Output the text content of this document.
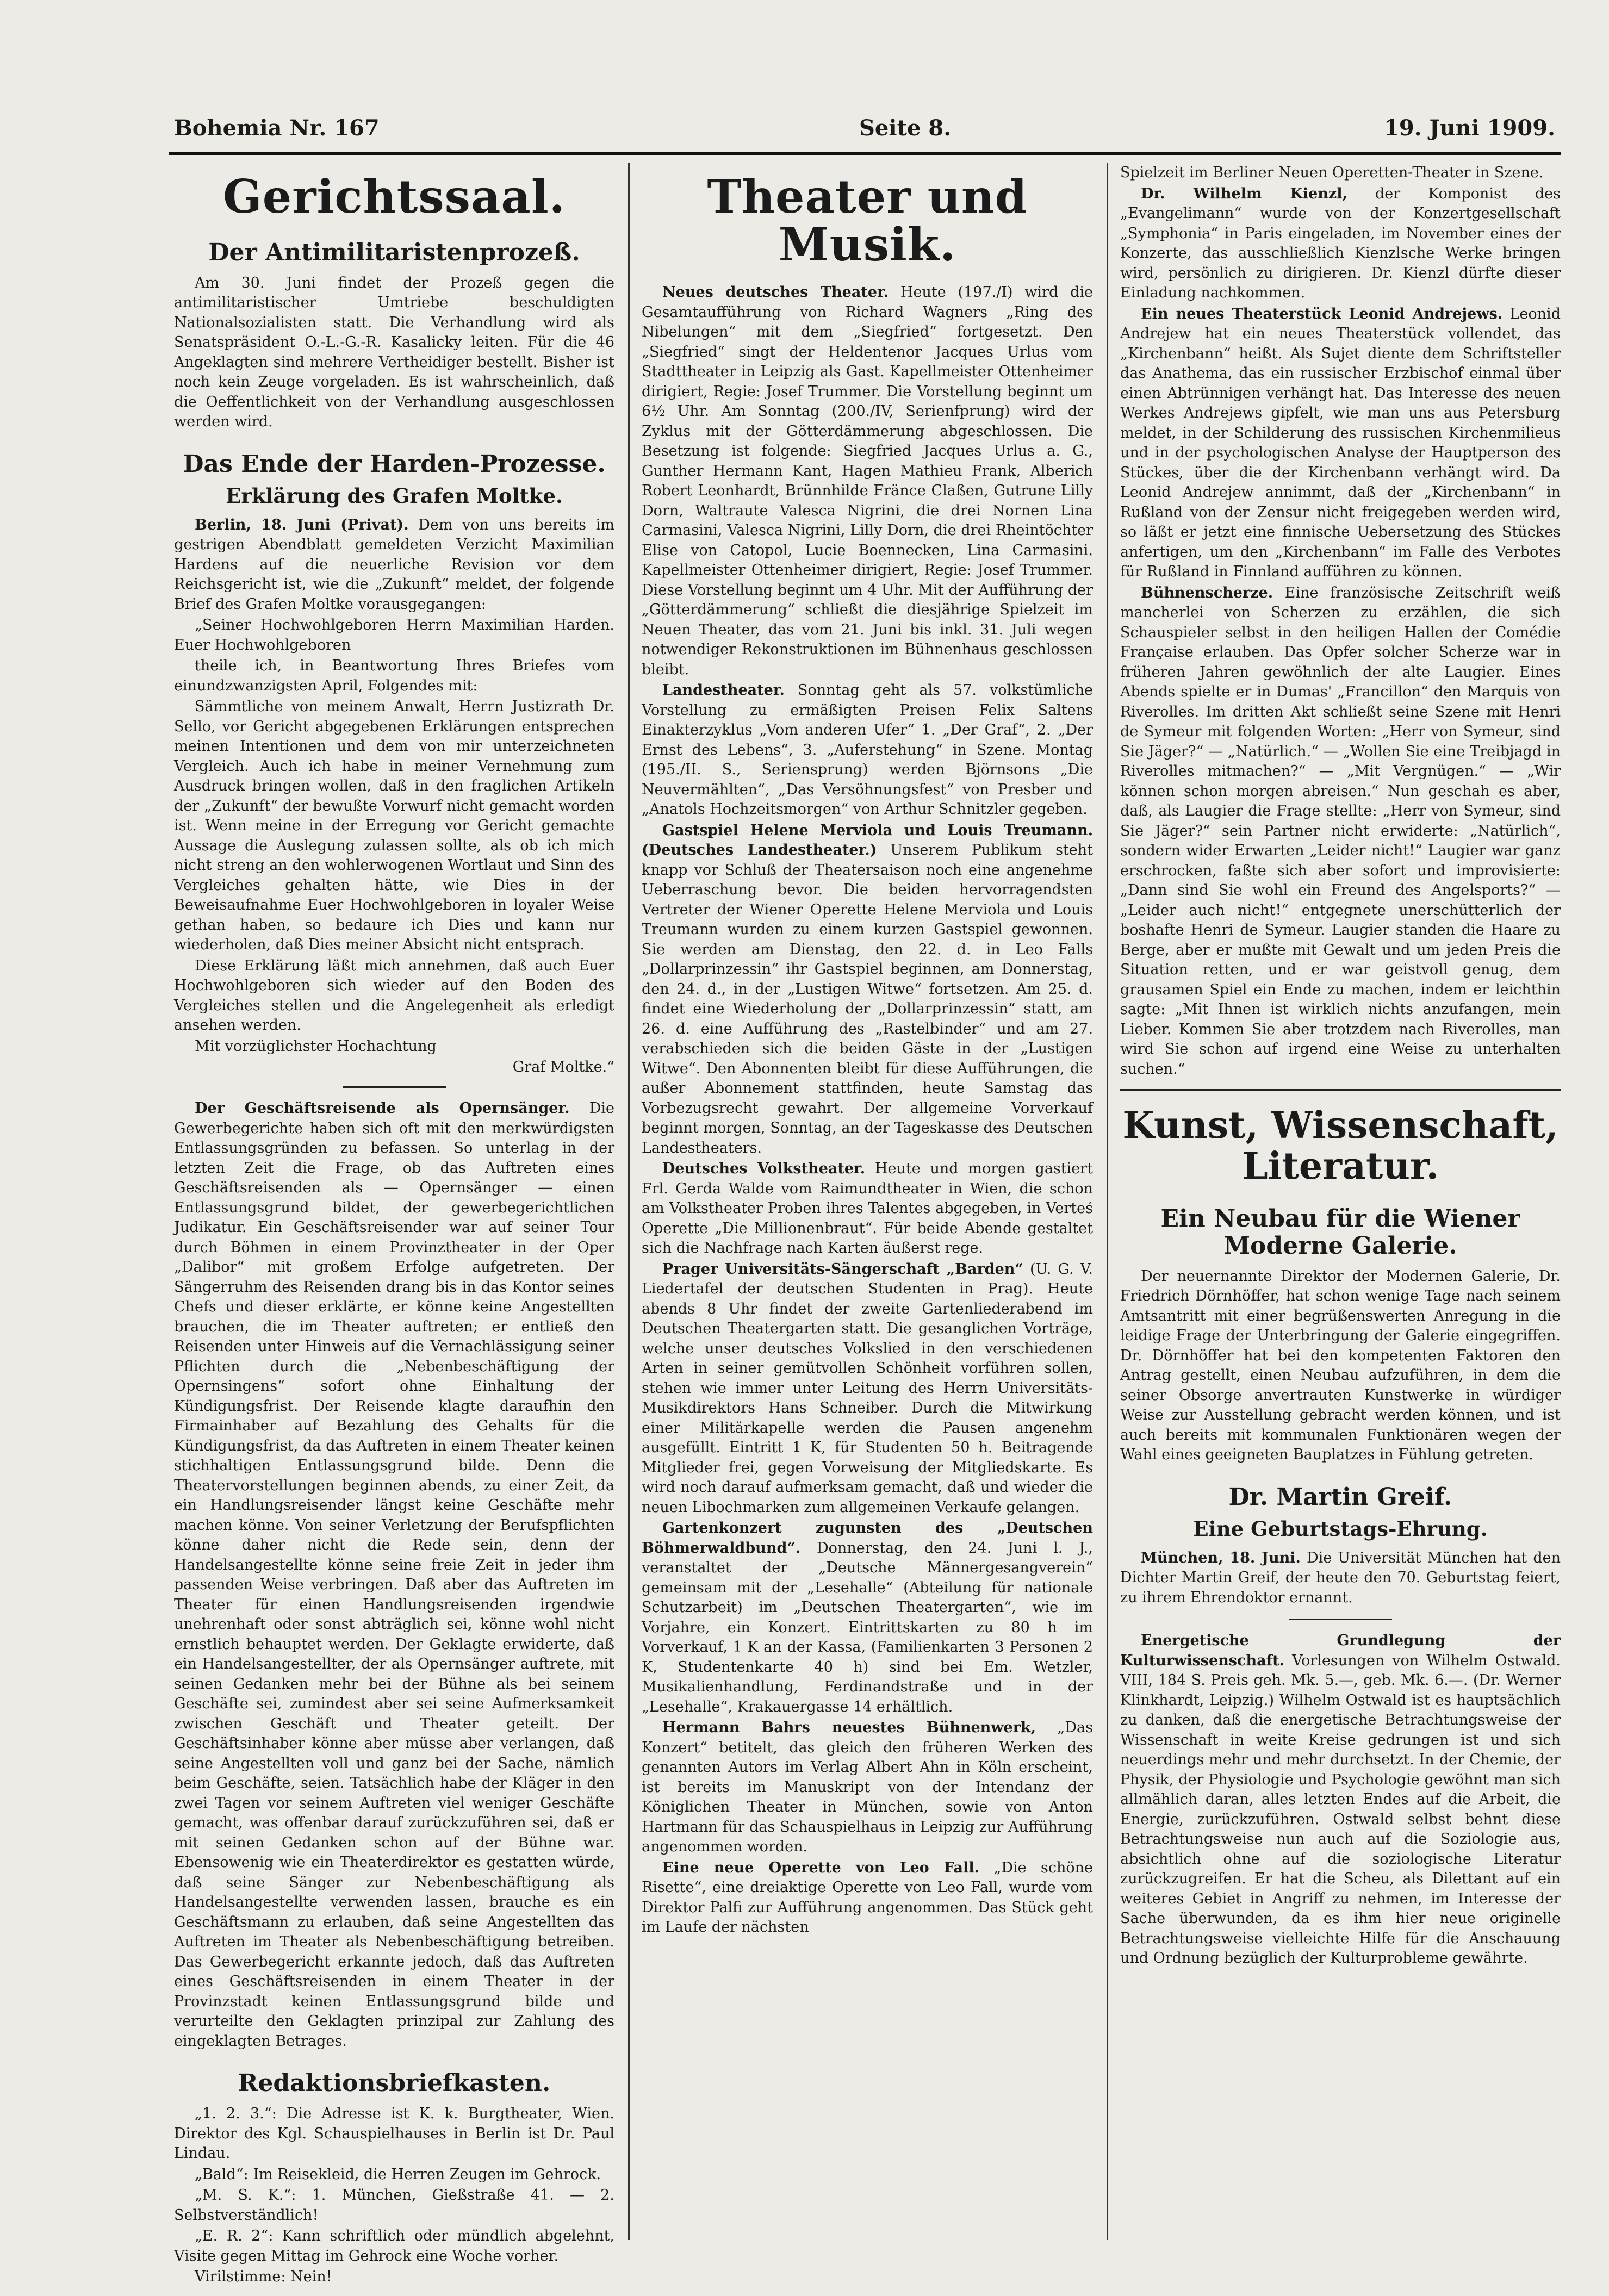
Bohemia Nr. 167	Seite 8.	19. Juni 1909.
Gerichtssaal.
Der Antimilitaristenprozeß.

Am 30. Juni findet der Prozeß gegen die antimilitaristischer Umtriebe beschuldigten Nationalsozialisten statt. Die Verhandlung wird als Senatspräsident O.-L.-G.-R. Kasalicky leiten. Für die 46 Angeklagten sind mehrere Vertheidiger bestellt. Bisher ist noch kein Zeuge vorgeladen. Es ist wahrscheinlich, daß die Oeffentlichkeit von der Verhandlung ausgeschlossen werden wird.

Das Ende der Harden-Prozesse.
Erklärung des Grafen Moltke.

Berlin, 18. Juni (Privat). Dem von uns bereits im gestrigen Abendblatt gemeldeten Verzicht Maximilian Hardens auf die neuerliche Revision vor dem Reichsgericht ist, wie die „Zukunft“ meldet, der folgende Brief des Grafen Moltke vorausgegangen:

„Seiner Hochwohlgeboren Herrn Maximilian Harden. Euer Hochwohlgeboren

theile ich, in Beantwortung Ihres Briefes vom einundzwanzigsten April, Folgendes mit:

Sämmtliche von meinem Anwalt, Herrn Justizrath Dr. Sello, vor Gericht abgegebenen Erklärungen entsprechen meinen Intentionen und dem von mir unterzeichneten Vergleich. Auch ich habe in meiner Vernehmung zum Ausdruck bringen wollen, daß in den fraglichen Artikeln der „Zukunft“ der bewußte Vorwurf nicht gemacht worden ist. Wenn meine in der Erregung vor Gericht gemachte Aussage die Auslegung zulassen sollte, als ob ich mich nicht streng an den wohlerwogenen Wortlaut und Sinn des Vergleiches gehalten hätte, wie Dies in der Beweisaufnahme Euer Hochwohlgeboren in loyaler Weise gethan haben, so bedaure ich Dies und kann nur wiederholen, daß Dies meiner Absicht nicht entsprach.

Diese Erklärung läßt mich annehmen, daß auch Euer Hochwohlgeboren sich wieder auf den Boden des Vergleiches stellen und die Angelegenheit als erledigt ansehen werden.

Mit vorzüglichster Hochachtung

Graf Moltke.“

Der Geschäftsreisende als Opernsänger. Die Gewerbegerichte haben sich oft mit den merkwürdigsten Entlassungsgründen zu befassen. So unterlag in der letzten Zeit die Frage, ob das Auftreten eines Geschäftsreisenden als — Opernsänger — einen Entlassungsgrund bildet, der gewerbegerichtlichen Judikatur. Ein Geschäftsreisender war auf seiner Tour durch Böhmen in einem Provinztheater in der Oper „Dalibor“ mit großem Erfolge aufgetreten. Der Sängerruhm des Reisenden drang bis in das Kontor seines Chefs und dieser erklärte, er könne keine Angestellten brauchen, die im Theater auftreten; er entließ den Reisenden unter Hinweis auf die Vernachlässigung seiner Pflichten durch die „Nebenbeschäftigung der Opernsingens“ sofort ohne Einhaltung der Kündigungsfrist. Der Reisende klagte daraufhin den Firmainhaber auf Bezahlung des Gehalts für die Kündigungsfrist, da das Auftreten in einem Theater keinen stichhaltigen Entlassungsgrund bilde. Denn die Theatervorstellungen beginnen abends, zu einer Zeit, da ein Handlungsreisender längst keine Geschäfte mehr machen könne. Von seiner Verletzung der Berufspflichten könne daher nicht die Rede sein, denn der Handelsangestellte könne seine freie Zeit in jeder ihm passenden Weise verbringen. Daß aber das Auftreten im Theater für einen Handlungsreisenden irgendwie unehrenhaft oder sonst abträglich sei, könne wohl nicht ernstlich behauptet werden. Der Geklagte erwiderte, daß ein Handelsangestellter, der als Opernsänger auftrete, mit seinen Gedanken mehr bei der Bühne als bei seinem Geschäfte sei, zumindest aber sei seine Aufmerksamkeit zwischen Geschäft und Theater geteilt. Der Geschäftsinhaber könne aber müsse aber verlangen, daß seine Angestellten voll und ganz bei der Sache, nämlich beim Geschäfte, seien. Tatsächlich habe der Kläger in den zwei Tagen vor seinem Auftreten viel weniger Geschäfte gemacht, was offenbar darauf zurückzuführen sei, daß er mit seinen Gedanken schon auf der Bühne war. Ebensowenig wie ein Theaterdirektor es gestatten würde, daß seine Sänger zur Nebenbeschäftigung als Handelsangestellte verwenden lassen, brauche es ein Geschäftsmann zu erlauben, daß seine Angestellten das Auftreten im Theater als Nebenbeschäftigung betreiben. Das Gewerbegericht erkannte jedoch, daß das Auftreten eines Geschäftsreisenden in einem Theater in der Provinzstadt keinen Entlassungsgrund bilde und verurteilte den Geklagten prinzipal zur Zahlung des eingeklagten Betrages.

Redaktionsbriefkasten.

„1. 2. 3.“: Die Adresse ist K. k. Burgtheater, Wien. Direktor des Kgl. Schauspielhauses in Berlin ist Dr. Paul Lindau.

„Bald“: Im Reisekleid, die Herren Zeugen im Gehrock.

„M. S. K.“: 1. München, Gießstraße 41. — 2. Selbstverständlich!

„E. R. 2“: Kann schriftlich oder mündlich abgelehnt, Visite gegen Mittag im Gehrock eine Woche vorher.

Virilstimme: Nein!

Theater und Musik.

Neues deutsches Theater. Heute (197./I) wird die Gesamtaufführung von Richard Wagners „Ring des Nibelungen“ mit dem „Siegfried“ fortgesetzt. Den „Siegfried“ singt der Heldentenor Jacques Urlus vom Stadttheater in Leipzig als Gast. Kapellmeister Ottenheimer dirigiert, Regie: Josef Trummer. Die Vorstellung beginnt um 6½ Uhr. Am Sonntag (200./IV, Serienfprung) wird der Zyklus mit der Götterdämmerung abgeschlossen. Die Besetzung ist folgende: Siegfried Jacques Urlus a. G., Gunther Hermann Kant, Hagen Mathieu Frank, Alberich Robert Leonhardt, Brünnhilde Fränce Claßen, Gutrune Lilly Dorn, Waltraute Valesca Nigrini, die drei Nornen Lina Carmasini, Valesca Nigrini, Lilly Dorn, die drei Rheintöchter Elise von Catopol, Lucie Boennecken, Lina Carmasini. Kapellmeister Ottenheimer dirigiert, Regie: Josef Trummer. Diese Vorstellung beginnt um 4 Uhr. Mit der Aufführung der „Götterdämmerung“ schließt die diesjährige Spielzeit im Neuen Theater, das vom 21. Juni bis inkl. 31. Juli wegen notwendiger Rekonstruktionen im Bühnenhaus geschlossen bleibt.

Landestheater. Sonntag geht als 57. volkstümliche Vorstellung zu ermäßigten Preisen Felix Saltens Einakterzyklus „Vom anderen Ufer“ 1. „Der Graf“, 2. „Der Ernst des Lebens“, 3. „Auferstehung“ in Szene. Montag (195./II. S., Seriensprung) werden Björnsons „Die Neuvermählten“, „Das Versöhnungsfest“ von Presber und „Anatols Hochzeitsmorgen“ von Arthur Schnitzler gegeben.

Gastspiel Helene Merviola und Louis Treumann. (Deutsches Landestheater.) Unserem Publikum steht knapp vor Schluß der Theatersaison noch eine angenehme Ueberraschung bevor. Die beiden hervorragendsten Vertreter der Wiener Operette Helene Merviola und Louis Treumann wurden zu einem kurzen Gastspiel gewonnen. Sie werden am Dienstag, den 22. d. in Leo Falls „Dollarprinzessin“ ihr Gastspiel beginnen, am Donnerstag, den 24. d., in der „Lustigen Witwe“ fortsetzen. Am 25. d. findet eine Wiederholung der „Dollarprinzessin“ statt, am 26. d. eine Aufführung des „Rastelbinder“ und am 27. verabschieden sich die beiden Gäste in der „Lustigen Witwe“. Den Abonnenten bleibt für diese Aufführungen, die außer Abonnement stattfinden, heute Samstag das Vorbezugsrecht gewahrt. Der allgemeine Vorverkauf beginnt morgen, Sonntag, an der Tageskasse des Deutschen Landestheaters.

Deutsches Volkstheater. Heute und morgen gastiert Frl. Gerda Walde vom Raimundtheater in Wien, die schon am Volkstheater Proben ihres Talentes abgegeben, in Verteś Operette „Die Millionenbraut“. Für beide Abende gestaltet sich die Nachfrage nach Karten äußerst rege.

Prager Universitäts-Sängerschaft „Barden“ (U. G. V. Liedertafel der deutschen Studenten in Prag). Heute abends 8 Uhr findet der zweite Gartenliederabend im Deutschen Theatergarten statt. Die gesanglichen Vorträge, welche unser deutsches Volkslied in den verschiedenen Arten in seiner gemütvollen Schönheit vorführen sollen, stehen wie immer unter Leitung des Herrn Universitäts-Musikdirektors Hans Schneiber. Durch die Mitwirkung einer Militärkapelle werden die Pausen angenehm ausgefüllt. Eintritt 1 K, für Studenten 50 h. Beitragende Mitglieder frei, gegen Vorweisung der Mitgliedskarte. Es wird noch darauf aufmerksam gemacht, daß und wieder die neuen Libochmarken zum allgemeinen Verkaufe gelangen.

Gartenkonzert zugunsten des „Deutschen Böhmerwaldbund“. Donnerstag, den 24. Juni l. J., veranstaltet der „Deutsche Männergesangverein“ gemeinsam mit der „Lesehalle“ (Abteilung für nationale Schutzarbeit) im „Deutschen Theatergarten“, wie im Vorjahre, ein Konzert. Eintrittskarten zu 80 h im Vorverkauf, 1 K an der Kassa, (Familienkarten 3 Personen 2 K, Studentenkarte 40 h) sind bei Em. Wetzler, Musikalienhandlung, Ferdinandstraße und in der „Lesehalle“, Krakauergasse 14 erhältlich.

Hermann Bahrs neuestes Bühnenwerk, „Das Konzert“ betitelt, das gleich den früheren Werken des genannten Autors im Verlag Albert Ahn in Köln erscheint, ist bereits im Manuskript von der Intendanz der Königlichen Theater in München, sowie von Anton Hartmann für das Schauspielhaus in Leipzig zur Aufführung angenommen worden.

Eine neue Operette von Leo Fall. „Die schöne Risette“, eine dreiaktige Operette von Leo Fall, wurde vom Direktor Palfi zur Aufführung angenommen. Das Stück geht im Laufe der nächsten

Spielzeit im Berliner Neuen Operetten-Theater in Szene.

Dr. Wilhelm Kienzl, der Komponist des „Evangelimann“ wurde von der Konzertgesellschaft „Symphonia“ in Paris eingeladen, im November eines der Konzerte, das ausschließlich Kienzlsche Werke bringen wird, persönlich zu dirigieren. Dr. Kienzl dürfte dieser Einladung nachkommen.

Ein neues Theaterstück Leonid Andrejews. Leonid Andrejew hat ein neues Theaterstück vollendet, das „Kirchenbann“ heißt. Als Sujet diente dem Schriftsteller das Anathema, das ein russischer Erzbischof einmal über einen Abtrünnigen verhängt hat. Das Interesse des neuen Werkes Andrejews gipfelt, wie man uns aus Petersburg meldet, in der Schilderung des russischen Kirchenmilieus und in der psychologischen Analyse der Hauptperson des Stückes, über die der Kirchenbann verhängt wird. Da Leonid Andrejew annimmt, daß der „Kirchenbann“ in Rußland von der Zensur nicht freigegeben werden wird, so läßt er jetzt eine finnische Uebersetzung des Stückes anfertigen, um den „Kirchenbann“ im Falle des Verbotes für Rußland in Finnland aufführen zu können.

Bühnenscherze. Eine französische Zeitschrift weiß mancherlei von Scherzen zu erzählen, die sich Schauspieler selbst in den heiligen Hallen der Comédie Française erlauben. Das Opfer solcher Scherze war in früheren Jahren gewöhnlich der alte Laugier. Eines Abends spielte er in Dumas' „Francillon“ den Marquis von Riverolles. Im dritten Akt schließt seine Szene mit Henri de Symeur mit folgenden Worten: „Herr von Symeur, sind Sie Jäger?“ — „Natürlich.“ — „Wollen Sie eine Treibjagd in Riverolles mitmachen?“ — „Mit Vergnügen.“ — „Wir können schon morgen abreisen.“ Nun geschah es aber, daß, als Laugier die Frage stellte: „Herr von Symeur, sind Sie Jäger?“ sein Partner nicht erwiderte: „Natürlich“, sondern wider Erwarten „Leider nicht!“ Laugier war ganz erschrocken, faßte sich aber sofort und improvisierte: „Dann sind Sie wohl ein Freund des Angelsports?“ — „Leider auch nicht!“ entgegnete unerschütterlich der boshafte Henri de Symeur. Laugier standen die Haare zu Berge, aber er mußte mit Gewalt und um jeden Preis die Situation retten, und er war geistvoll genug, dem grausamen Spiel ein Ende zu machen, indem er leichthin sagte: „Mit Ihnen ist wirklich nichts anzufangen, mein Lieber. Kommen Sie aber trotzdem nach Riverolles, man wird Sie schon auf irgend eine Weise zu unterhalten suchen.“

Kunst, Wissenschaft, Literatur.
Ein Neubau für die Wiener Moderne Galerie.

Der neuernannte Direktor der Modernen Galerie, Dr. Friedrich Dörnhöffer, hat schon wenige Tage nach seinem Amtsantritt mit einer begrüßenswerten Anregung in die leidige Frage der Unterbringung der Galerie eingegriffen. Dr. Dörnhöffer hat bei den kompetenten Faktoren den Antrag gestellt, einen Neubau aufzuführen, in dem die seiner Obsorge anvertrauten Kunstwerke in würdiger Weise zur Ausstellung gebracht werden können, und ist auch bereits mit kommunalen Funktionären wegen der Wahl eines geeigneten Bauplatzes in Fühlung getreten.

Dr. Martin Greif.
Eine Geburtstags-Ehrung.

München, 18. Juni. Die Universität München hat den Dichter Martin Greif, der heute den 70. Geburtstag feiert, zu ihrem Ehrendoktor ernannt.

Energetische Grundlegung der Kulturwissenschaft. Vorlesungen von Wilhelm Ostwald. VIII, 184 S. Preis geh. Mk. 5.—, geb. Mk. 6.—. (Dr. Werner Klinkhardt, Leipzig.) Wilhelm Ostwald ist es hauptsächlich zu danken, daß die energetische Betrachtungsweise der Wissenschaft in weite Kreise gedrungen ist und sich neuerdings mehr und mehr durchsetzt. In der Chemie, der Physik, der Physiologie und Psychologie gewöhnt man sich allmählich daran, alles letzten Endes auf die Arbeit, die Energie, zurückzuführen. Ostwald selbst behnt diese Betrachtungsweise nun auch auf die Soziologie aus, absichtlich ohne auf die soziologische Literatur zurückzugreifen. Er hat die Scheu, als Dilettant auf ein weiteres Gebiet in Angriff zu nehmen, im Interesse der Sache überwunden, da es ihm hier neue originelle Betrachtungsweise vielleichte Hilfe für die Anschauung und Ordnung bezüglich der Kulturprobleme gewährte.
